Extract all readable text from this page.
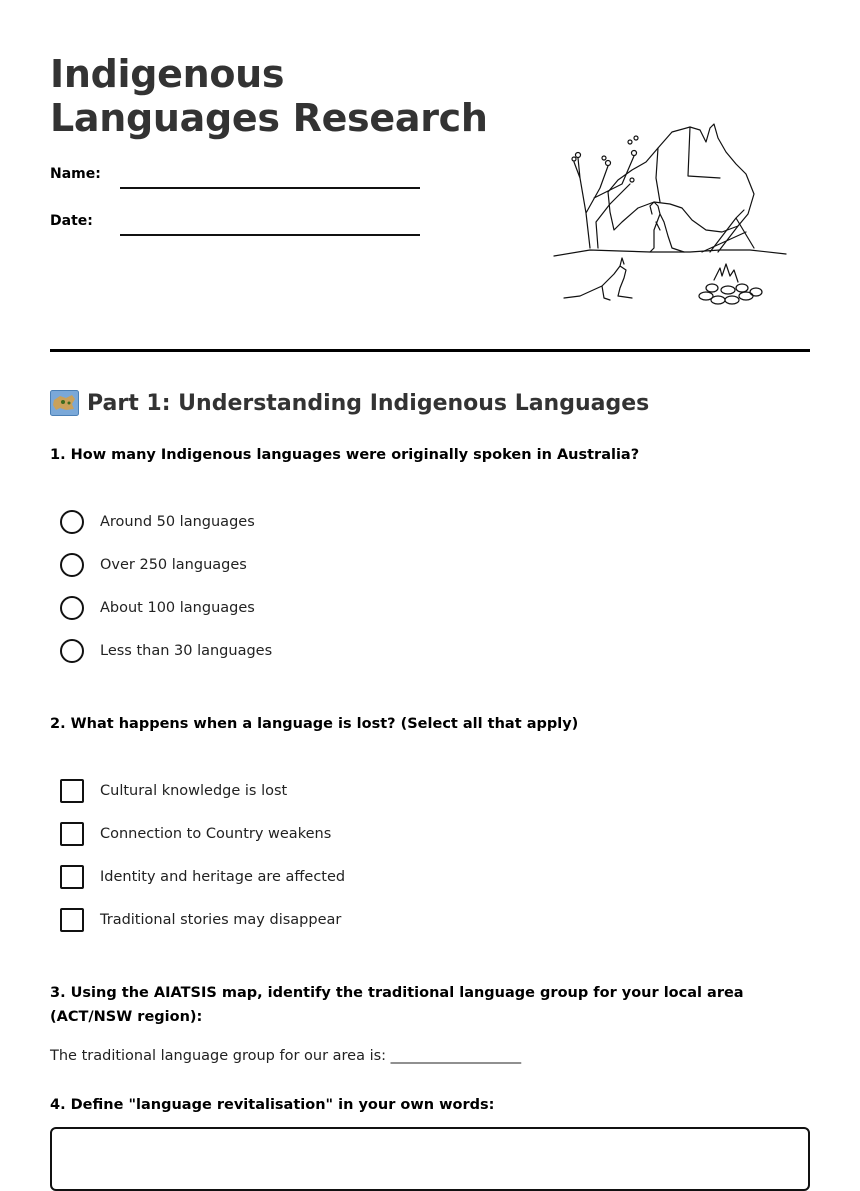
Indigenous Languages Research
Name:
Date:
Part 1: Understanding Indigenous Languages

1. How many Indigenous languages were originally spoken in Australia?

Around 50 languages
Over 250 languages
About 100 languages
Less than 30 languages

2. What happens when a language is lost? (Select all that apply)

Cultural knowledge is lost
Connection to Country weakens
Identity and heritage are affected
Traditional stories may disappear

3. Using the AIATSIS map, identify the traditional language group for your local area (ACT/NSW region):

The traditional language group for our area is: __________________

4. Define "language revitalisation" in your own words:
